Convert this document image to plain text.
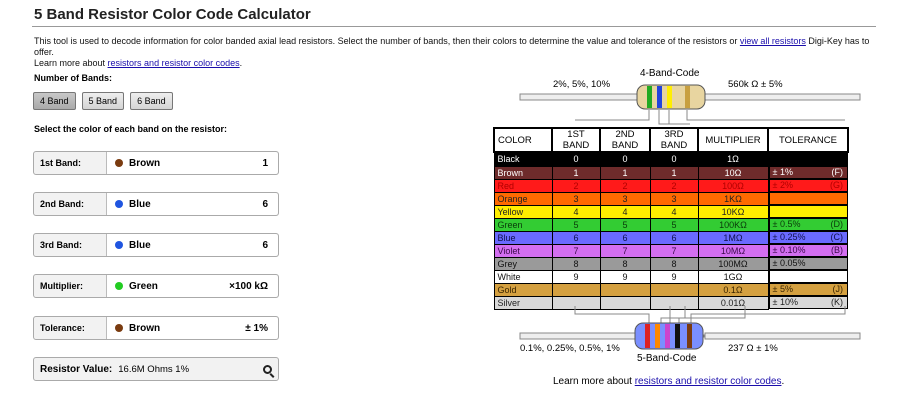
5 Band Resistor Color Code Calculator
This tool is used to decode information for color banded axial lead resistors. Select the number of bands, then their colors to determine the value and tolerance of the resistors or view all resistors Digi-Key has to offer.
Learn more about resistors and resistor color codes.
Number of Bands:
4 Band	5 Band	6 Band
Select the color of each band on the resistor:
1st Band:	Brown	1
2nd Band:	Blue	6
3rd Band:	Blue	6
Multiplier:	Green	×100 kΩ
Tolerance:	Brown	± 1%
Resistor Value: 16.6M Ohms 1%
4-Band-Code
2%, 5%, 10%	560k Ω ± 5%
COLOR	1ST BAND	2ND BAND	3RD BAND	MULTIPLIER	TOLERANCE
Black	0	0	0	1Ω	

Brown	1	1	1	10Ω		± 1%	(F)

Red	2	2	2	100Ω		± 2%	(G)

Orange	3	3	3	1KΩ	

Yellow	4	4	4	10KΩ	

Green	5	5	5	100KΩ		± 0.5%	(D)

Blue	6	6	6	1MΩ		± 0.25%	(C)

Violet	7	7	7	10MΩ		± 0.10%	(B)

Grey	8	8	8	100MΩ		± 0.05%

White	9	9	9	1GΩ	

Gold				0.1Ω		± 5%	(J)

Silver				0.01Ω		± 10%	(K)
0.1%, 0.25%, 0.5%, 1%
5-Band-Code
237 Ω ± 1%
Learn more about resistors and resistor color codes.
